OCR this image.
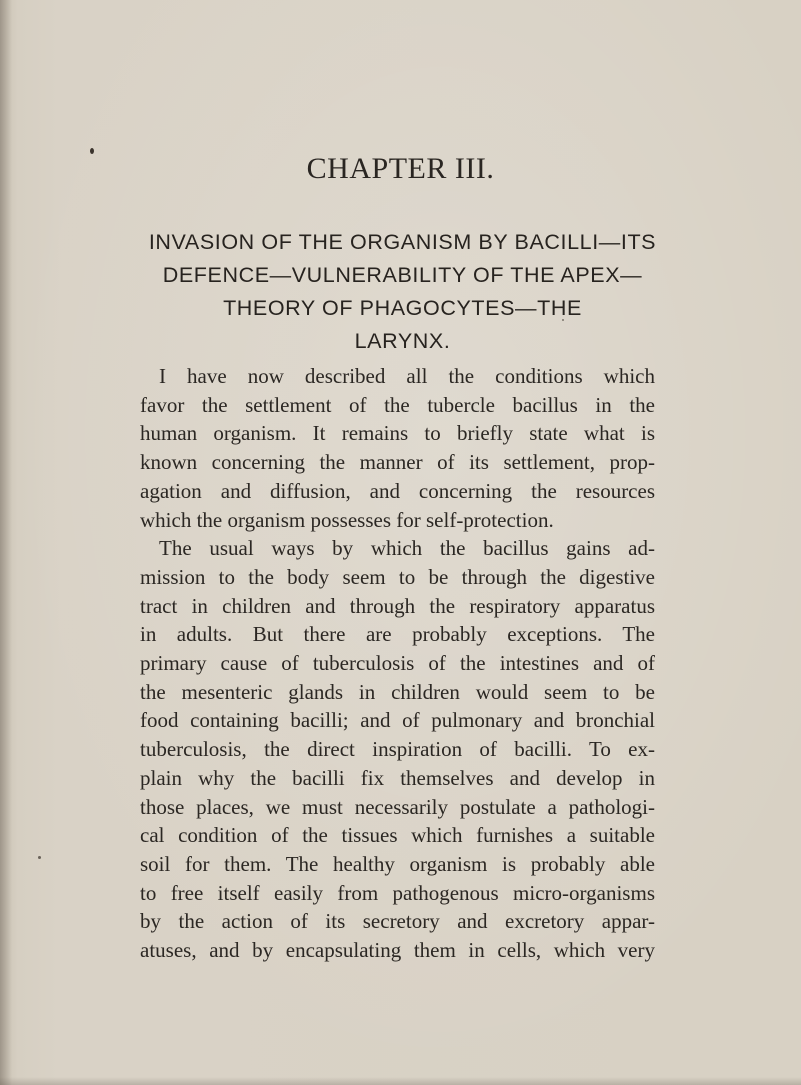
CHAPTER III.
INVASION OF THE ORGANISM BY BACILLI—ITS
DEFENCE—VULNERABILITY OF THE APEX—
THEORY OF PHAGOCYTES—THE
LARYNX.
I have now described all the conditions which
favor the settlement of the tubercle bacillus in the
human organism. It remains to briefly state what is
known concerning the manner of its settlement, prop-
agation and diffusion, and concerning the resources
which the organism possesses for self-protection.
The usual ways by which the bacillus gains ad-
mission to the body seem to be through the digestive
tract in children and through the respiratory apparatus
in adults. But there are probably exceptions. The
primary cause of tuberculosis of the intestines and of
the mesenteric glands in children would seem to be
food containing bacilli; and of pulmonary and bronchial
tuberculosis, the direct inspiration of bacilli. To ex-
plain why the bacilli fix themselves and develop in
those places, we must necessarily postulate a pathologi-
cal condition of the tissues which furnishes a suitable
soil for them. The healthy organism is probably able
to free itself easily from pathogenous micro-organisms
by the action of its secretory and excretory appar-
atuses, and by encapsulating them in cells, which very
